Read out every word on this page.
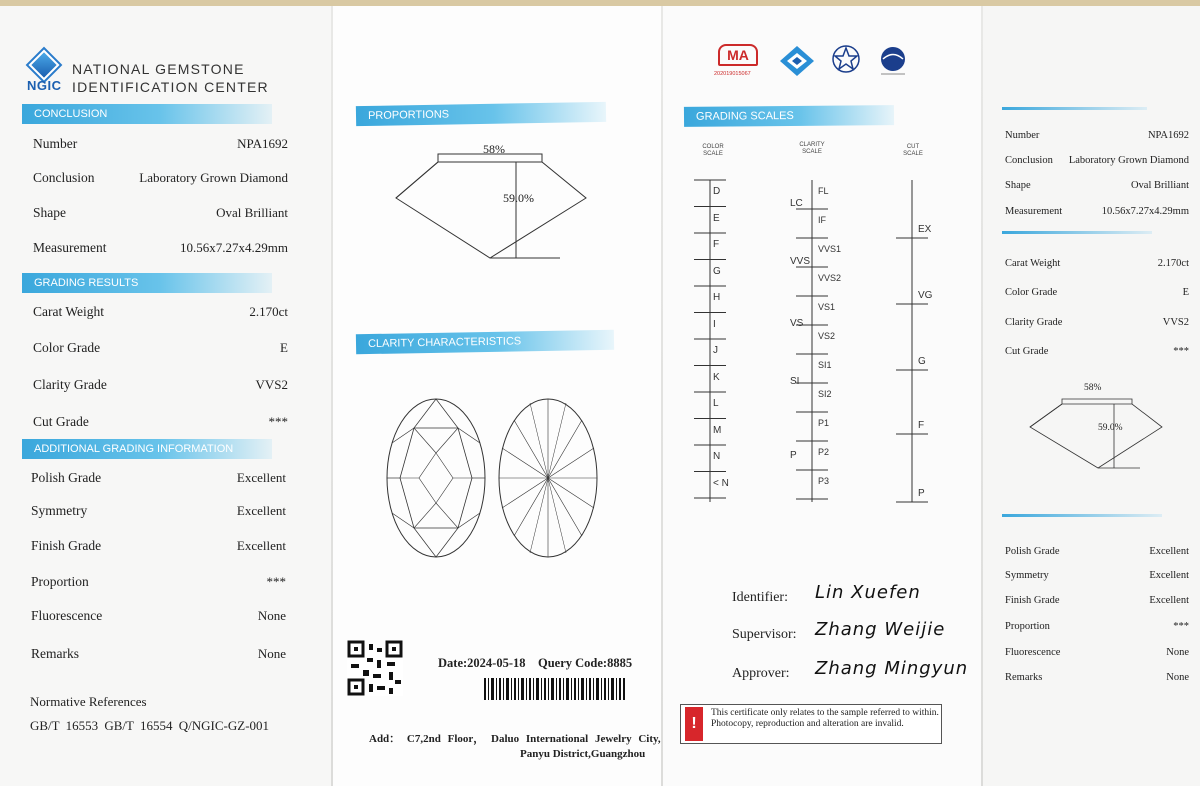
NGIC
NATIONAL GEMSTONE
IDENTIFICATION CENTER
CONCLUSION
GRADING RESULTS
ADDITIONAL GRADING INFORMATION
Number	NPA1692
Conclusion	Laboratory Grown Diamond
Shape	Oval Brilliant
Measurement	10.56x7.27x4.29mm
Carat Weight	2.170ct
Color Grade	E
Clarity Grade	VVS2
Cut Grade	***
Polish Grade	Excellent
Symmetry	Excellent
Finish Grade	Excellent
Proportion	***
Fluorescence	None
Remarks	None
Normative References
GB/T 16553 GB/T 16554 Q/NGIC-GZ-001
PROPORTIONS
58%
59.0%
CLARITY CHARACTERISTICS
Date:2024-05-18 Query Code:8885
Add： C7,2nd Floor， Daluo International Jewelry City,
Panyu District,Guangzhou
MA
202019015067
GRADING SCALES
COLOR
SCALE
CLARITY
SCALE
CUT
SCALE
D
E
F
G
H
I
J
K
L
M
N
< N
FL
IF
VVS1
VVS2
VS1
VS2
SI1
SI2
P1
P2
P3
LC
VVS
VS
SI
P
EX
VG
G
F
P
Identifier: Lin Xuefen
Supervisor: Zhang Weijie
Approver: Zhang Mingyun
!
This certificate only relates to the sample referred to within. Photocopy, reproduction and alteration are invalid.
Number	NPA1692
Conclusion Laboratory Grown Diamond
Shape	Oval Brilliant
Measurement	10.56x7.27x4.29mm
Carat Weight	2.170ct
Color Grade	E
Clarity Grade	VVS2
Cut Grade	***
Polish Grade	Excellent
Symmetry	Excellent
Finish Grade	Excellent
Proportion	***
Fluorescence	None
Remarks	None
58%
59.0%
